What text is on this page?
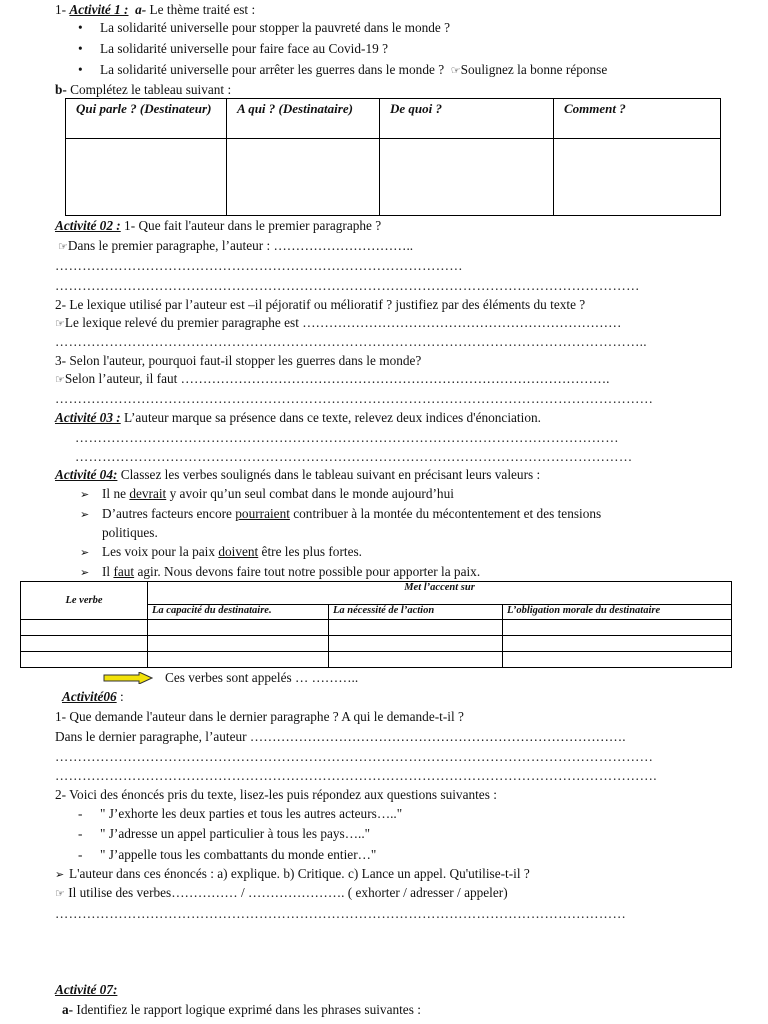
1- Activité 1 : a- Le thème traité est :
• La solidarité universelle pour stopper la pauvreté dans le monde ?
• La solidarité universelle pour faire face au Covid-19 ?
• La solidarité universelle pour arrêter les guerres dans le monde ? ☞Soulignez la bonne réponse
b- Complétez le tableau suivant :
Qui parle ? (Destinateur)	A qui ? (Destinataire)	De quoi ?	Comment ?

Activité 02 : 1- Que fait l'auteur dans le premier paragraphe ?
☞Dans le premier paragraphe, l’auteur : …………………………..
………………………………………………………………………………
…………………………………………………………………………………………………………………
2- Le lexique utilisé par l’auteur est –il péjoratif ou mélioratif ? justifiez par des éléments du texte ?
☞Le lexique relevé du premier paragraphe est ………………………………………………………………
…………………………………………………………………………………………………………………..
3- Selon l'auteur, pourquoi faut-il stopper les guerres dans le monde?
☞Selon l’auteur, il faut …………………………………………………………………………………….
……………………………………………………………………………………………………………………
Activité 03 : L’auteur marque sa présence dans ce texte, relevez deux indices d'énonciation.
…………………………………………………………………………………………………………
……………………………………………………………………………………………………………
Activité 04: Classez les verbes soulignés dans le tableau suivant en précisant leurs valeurs :
➢ Il ne devrait y avoir qu’un seul combat dans le monde aujourd’hui
➢ D’autres facteurs encore pourraient contribuer à la montée du mécontentement et des tensions
politiques.
➢ Les voix pour la paix doivent être les plus fortes.
➢ Il faut agir. Nous devons faire tout notre possible pour apporter la paix.
Le verbe	Met l’accent sur		
	La capacité du destinataire.	La nécessité de l’action	L’obligation morale du destinataire

Ces verbes sont appelés … ………..
Activité06 :
1- Que demande l'auteur dans le dernier paragraphe ? A qui le demande-t-il ?
Dans le dernier paragraphe, l’auteur ………………………………………………………………………….
……………………………………………………………………………………………………………………
…………………………………………………………………………………………………………………….
2- Voici des énoncés pris du texte, lisez-les puis répondez aux questions suivantes :
- " J’exhorte les deux parties et tous les autres acteurs….."
- " J’adresse un appel particulier à tous les pays….."
- " J’appelle tous les combattants du monde entier…"
➢ L'auteur dans ces énoncés : a) explique. b) Critique. c) Lance un appel. Qu'utilise-t-il ?
☞ Il utilise des verbes…………… / …………………. ( exhorter / adresser / appeler)
………………………………………………………………………………………………………………
Activité 07:
a- Identifiez le rapport logique exprimé dans les phrases suivantes :
